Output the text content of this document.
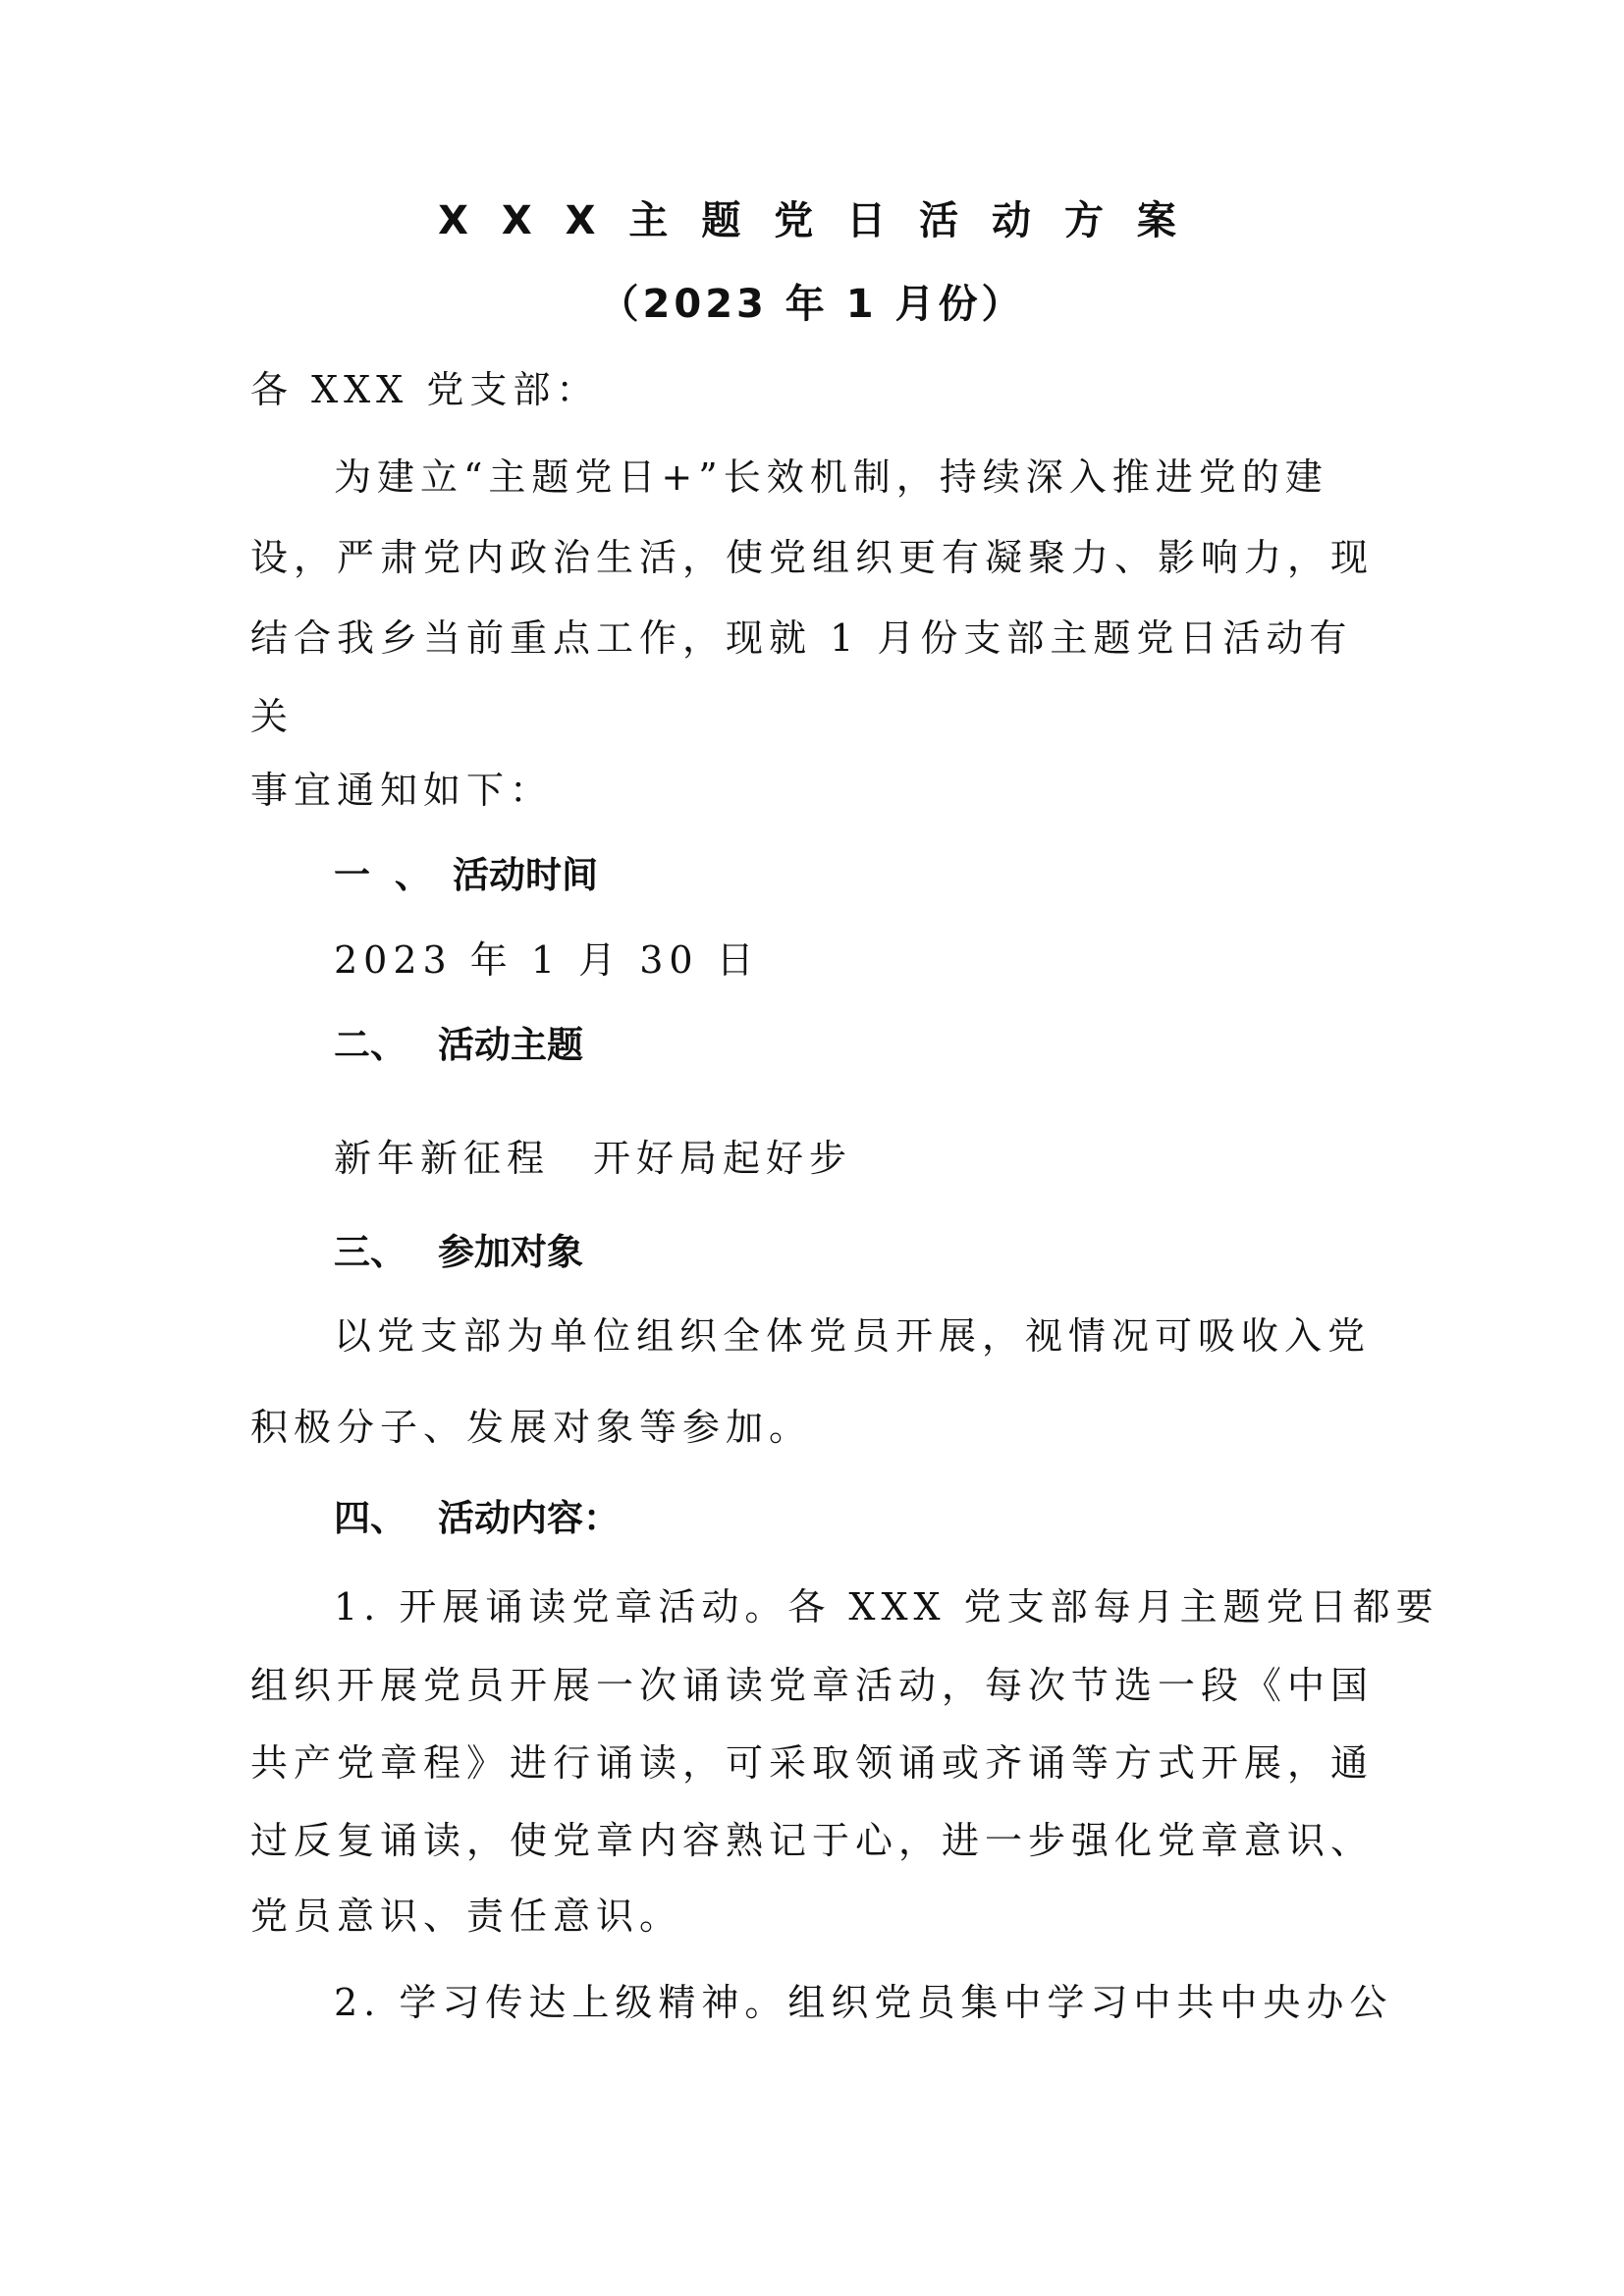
X X X 主 题 党 日 活 动 方 案
（2023 年 1 月份）
各 XXX 党支部：
为建立“主题党日+”长效机制，持续深入推进党的建
设，严肃党内政治生活，使党组织更有凝聚力、影响力，现
结合我乡当前重点工作，现就 1 月份支部主题党日活动有
关
事宜通知如下：
一 、 活动时间
2023 年 1 月 30 日
二、 活动主题
新年新征程　开好局起好步
三、 参加对象
以党支部为单位组织全体党员开展，视情况可吸收入党
积极分子、发展对象等参加。
四、 活动内容：
1. 开展诵读党章活动。各 XXX 党支部每月主题党日都要
组织开展党员开展一次诵读党章活动，每次节选一段《中国
共产党章程》进行诵读，可采取领诵或齐诵等方式开展，通
过反复诵读，使党章内容熟记于心，进一步强化党章意识、
党员意识、责任意识。
2. 学习传达上级精神。组织党员集中学习中共中央办公
